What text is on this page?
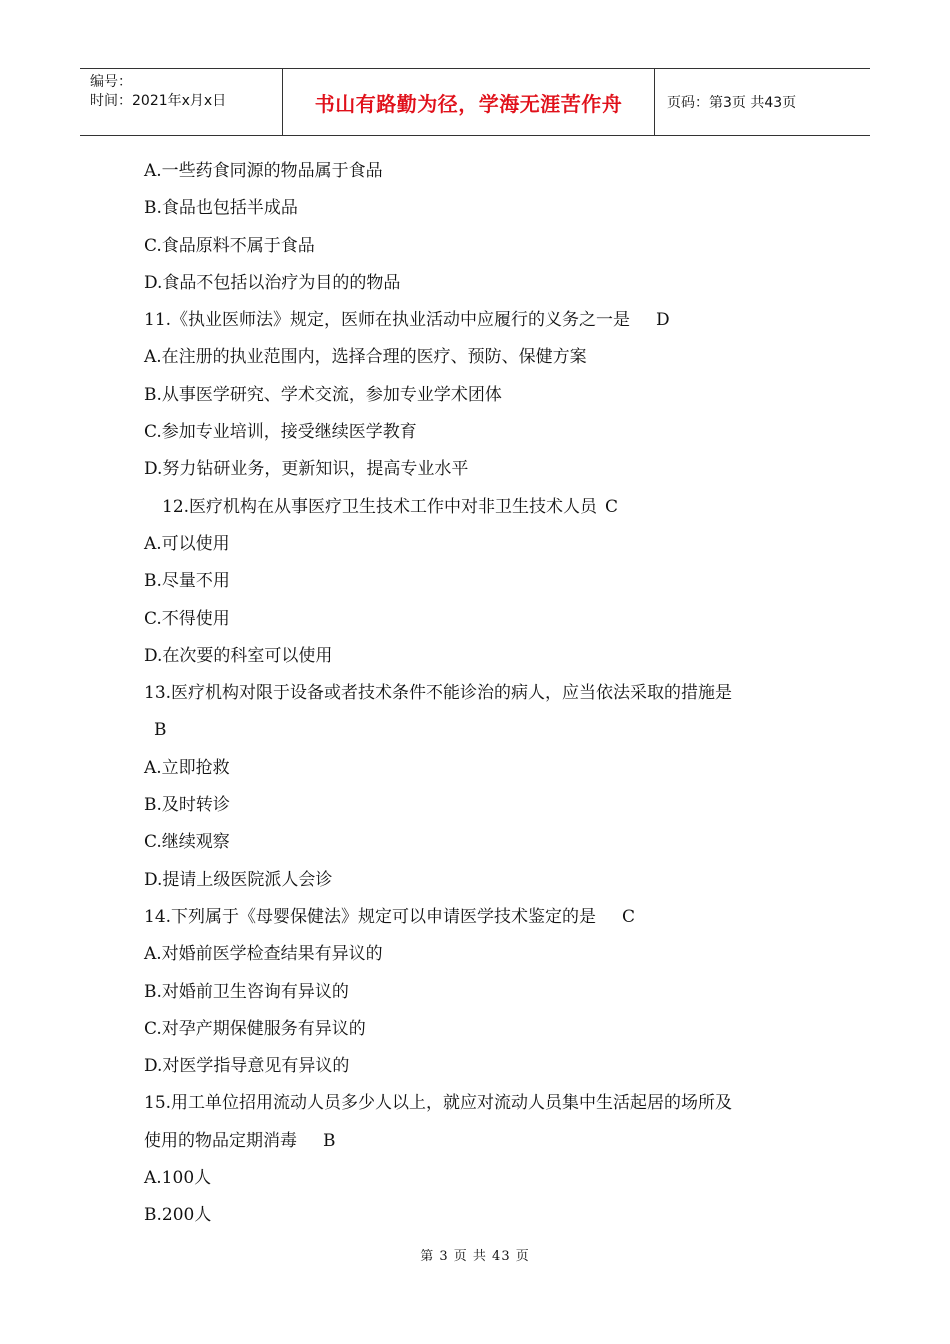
编号：
时间：2021年x月x日	书山有路勤为径，学海无涯苦作舟	页码：第3页 共43页
A.一些药食同源的物品属于食品
B.食品也包括半成品
C.食品原料不属于食品
D.食品不包括以治疗为目的的物品
11.《执业医师法》规定，医师在执业活动中应履行的义务之一是 D
A.在注册的执业范围内，选择合理的医疗、预防、保健方案
B.从事医学研究、学术交流，参加专业学术团体
C.参加专业培训，接受继续医学教育
D.努力钻研业务，更新知识，提高专业水平
12.医疗机构在从事医疗卫生技术工作中对非卫生技术人员 C
A.可以使用
B.尽量不用
C.不得使用
D.在次要的科室可以使用
13.医疗机构对限于设备或者技术条件不能诊治的病人，应当依法采取的措施是
B
A.立即抢救
B.及时转诊
C.继续观察
D.提请上级医院派人会诊
14.下列属于《母婴保健法》规定可以申请医学技术鉴定的是 C
A.对婚前医学检查结果有异议的
B.对婚前卫生咨询有异议的
C.对孕产期保健服务有异议的
D.对医学指导意见有异议的
15.用工单位招用流动人员多少人以上，就应对流动人员集中生活起居的场所及
使用的物品定期消毒 B
A.100人
B.200人
第 3 页 共 43 页
